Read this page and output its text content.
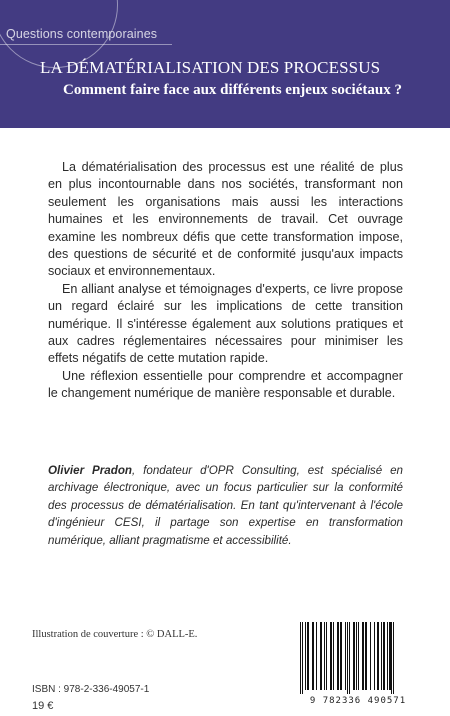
Questions contemporaines
LA DÉMATÉRIALISATION DES PROCESSUS
Comment faire face aux différents enjeux sociétaux ?

La dématérialisation des processus est une réalité de plus en plus incontournable dans nos sociétés, transformant non seulement les organisations mais aussi les interactions humaines et les environnements de travail. Cet ouvrage examine les nombreux défis que cette transformation impose, des questions de sécurité et de conformité jusqu'aux impacts sociaux et environnementaux.

En alliant analyse et témoignages d'experts, ce livre propose un regard éclairé sur les implications de cette transition numérique. Il s'intéresse également aux solutions pratiques et aux cadres réglementaires nécessaires pour minimiser les effets négatifs de cette mutation rapide.

Une réflexion essentielle pour comprendre et accompagner le changement numérique de manière responsable et durable.

Olivier Pradon, fondateur d'OPR Consulting, est spécialisé en archivage électronique, avec un focus particulier sur la conformité des processus de dématérialisation. En tant qu'intervenant à l'école d'ingénieur CESI, il partage son expertise en transformation numérique, alliant pragmatisme et accessibilité.

Illustration de couverture : © DALL-E.
ISBN : 978-2-336-49057-1
19 €	9 782336 490571
